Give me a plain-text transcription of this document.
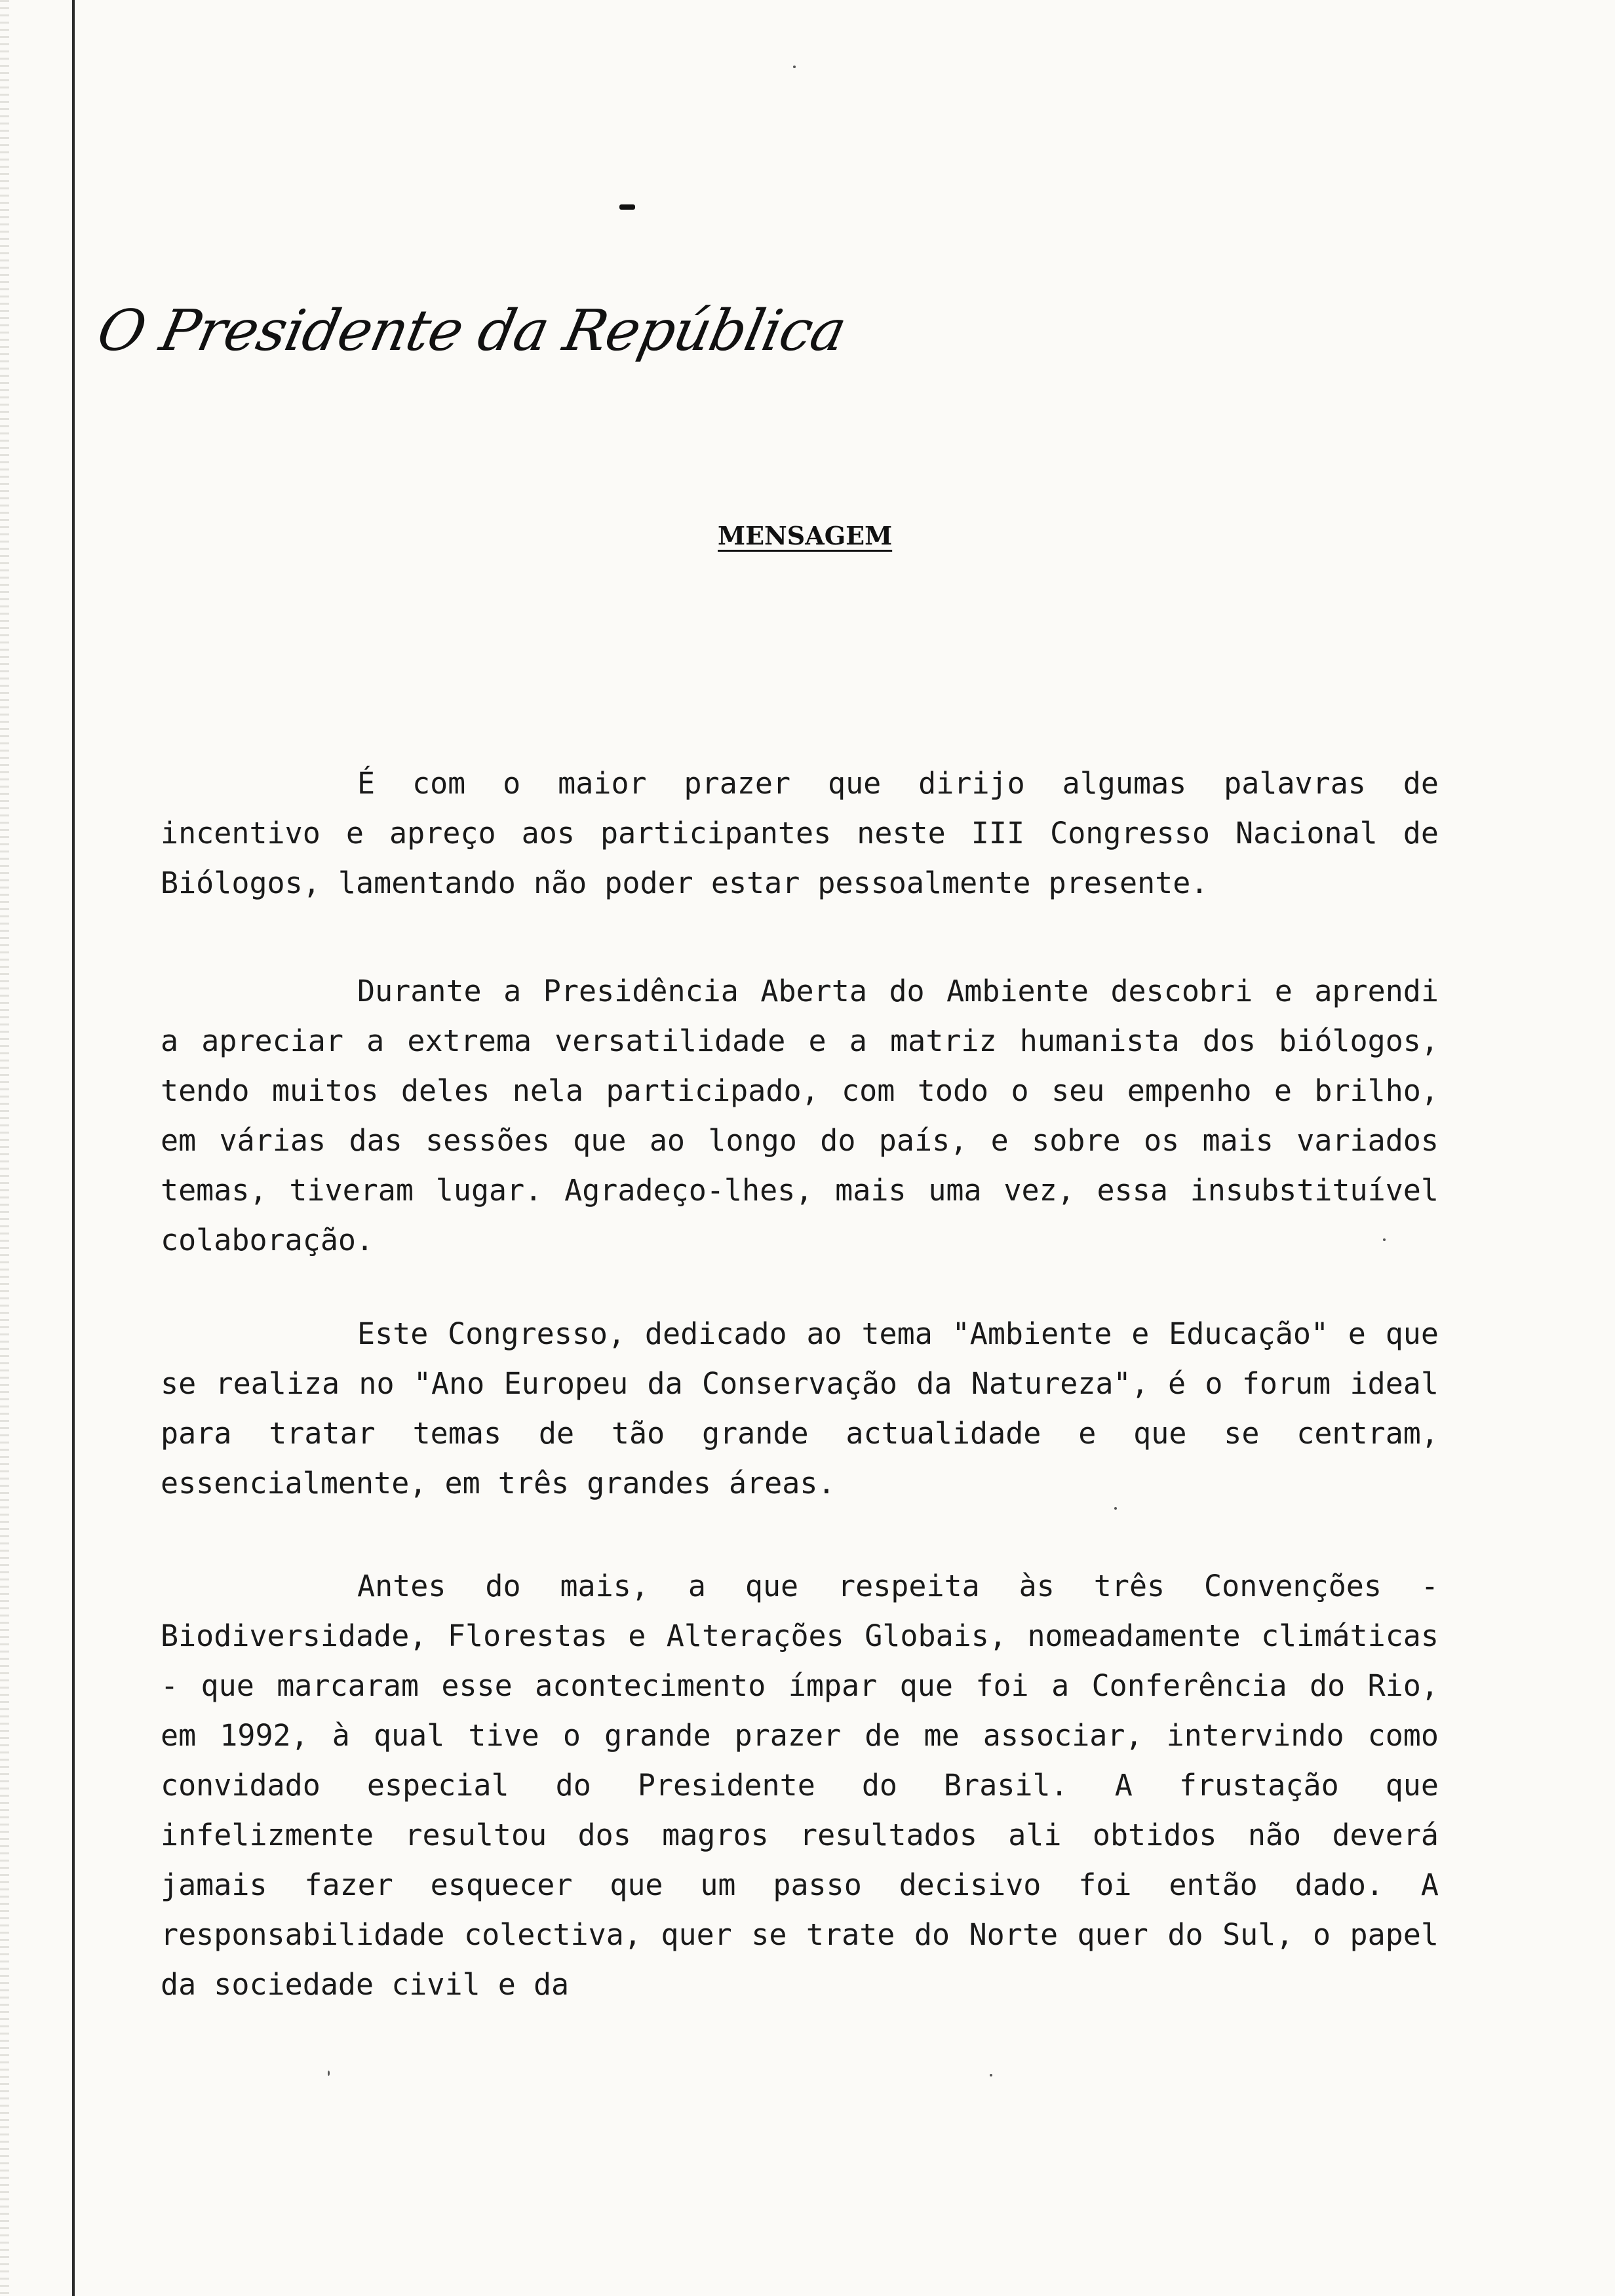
O Presidente da República
MENSAGEM

É com o maior prazer que dirijo algumas palavras de incentivo e apreço aos participantes neste III Congresso Nacional de Biólogos, lamentando não poder estar pessoalmente presente.

Durante a Presidência Aberta do Ambiente descobri e aprendi a apreciar a extrema versatilidade e a matriz humanista dos biólogos, tendo muitos deles nela participado, com todo o seu empenho e brilho, em várias das sessões que ao longo do país, e sobre os mais variados temas, tiveram lugar. Agradeço-lhes, mais uma vez, essa insubstituível colaboração.

Este Congresso, dedicado ao tema "Ambiente e Educação" e que se realiza no "Ano Europeu da Conservação da Natureza", é o forum ideal para tratar temas de tão grande actualidade e que se centram, essencialmente, em três grandes áreas.

Antes do mais, a que respeita às três Convenções - Biodiversidade, Florestas e Alterações Globais, nomeadamente climáticas - que marcaram esse acontecimento ímpar que foi a Conferência do Rio, em 1992, à qual tive o grande prazer de me associar, intervindo como convidado especial do Presidente do Brasil. A frustação que infelizmente resultou dos magros resultados ali obtidos não deverá jamais fazer esquecer que um passo decisivo foi então dado. A responsabilidade colectiva, quer se trate do Norte quer do Sul, o papel da sociedade civil e da
